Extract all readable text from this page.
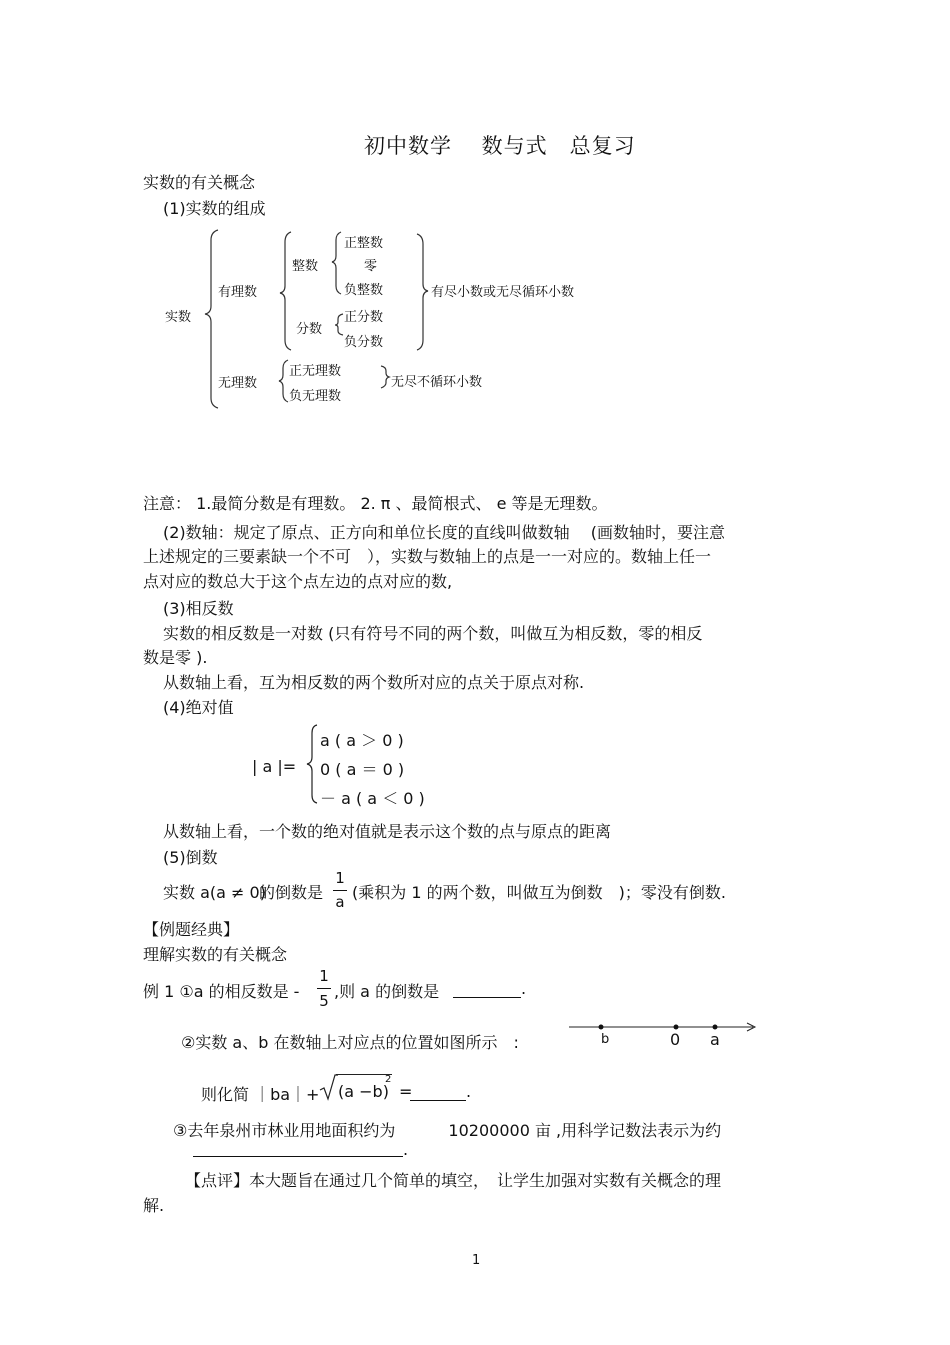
初中数学　 数与式　总复习
实数的有关概念
(1)实数的组成
实数
有理数
整数
正整数
零
负整数
分数
正分数
负分数
有尽小数或无尽循环小数
无理数
正无理数
负无理数
无尽不循环小数
注意： 1.最简分数是有理数。 2. π 、最简根式、 e 等是无理数。
(2)数轴：规定了原点、正方向和单位长度的直线叫做数轴　 (画数轴时，要注意
上述规定的三要素缺一个不可　），实数与数轴上的点是一一对应的。数轴上任一
点对应的数总大于这个点左边的点对应的数,
(3)相反数
实数的相反数是一对数 (只有符号不同的两个数，叫做互为相反数，零的相反
数是零 ).
从数轴上看，互为相反数的两个数所对应的点关于原点对称.
(4)绝对值
| a |=
a ( a ＞ 0 )
0 ( a ＝ 0 )
－ a ( a ＜ 0 )
从数轴上看，一个数的绝对值就是表示这个数的点与原点的距离
(5)倒数
实数 a(a ≠ 0)
的倒数是
1
a (乘积为 1 的两个数，叫做互为倒数　)；零没有倒数.
【例题经典】
理解实数的有关概念
例 1 ①a 的相反数是 -
1
5 ,则 a 的倒数是	.
②实数 a、b 在数轴上对应点的位置如图所示　:	b	0 a
则化简 ｜ba｜+ (a −b)
2
=	.
③去年泉州市林业用地面积约为　　　 10200000 亩 ,用科学记数法表示为约
.
【点评】本大题旨在通过几个简单的填空，　让学生加强对实数有关概念的理
解.
1
